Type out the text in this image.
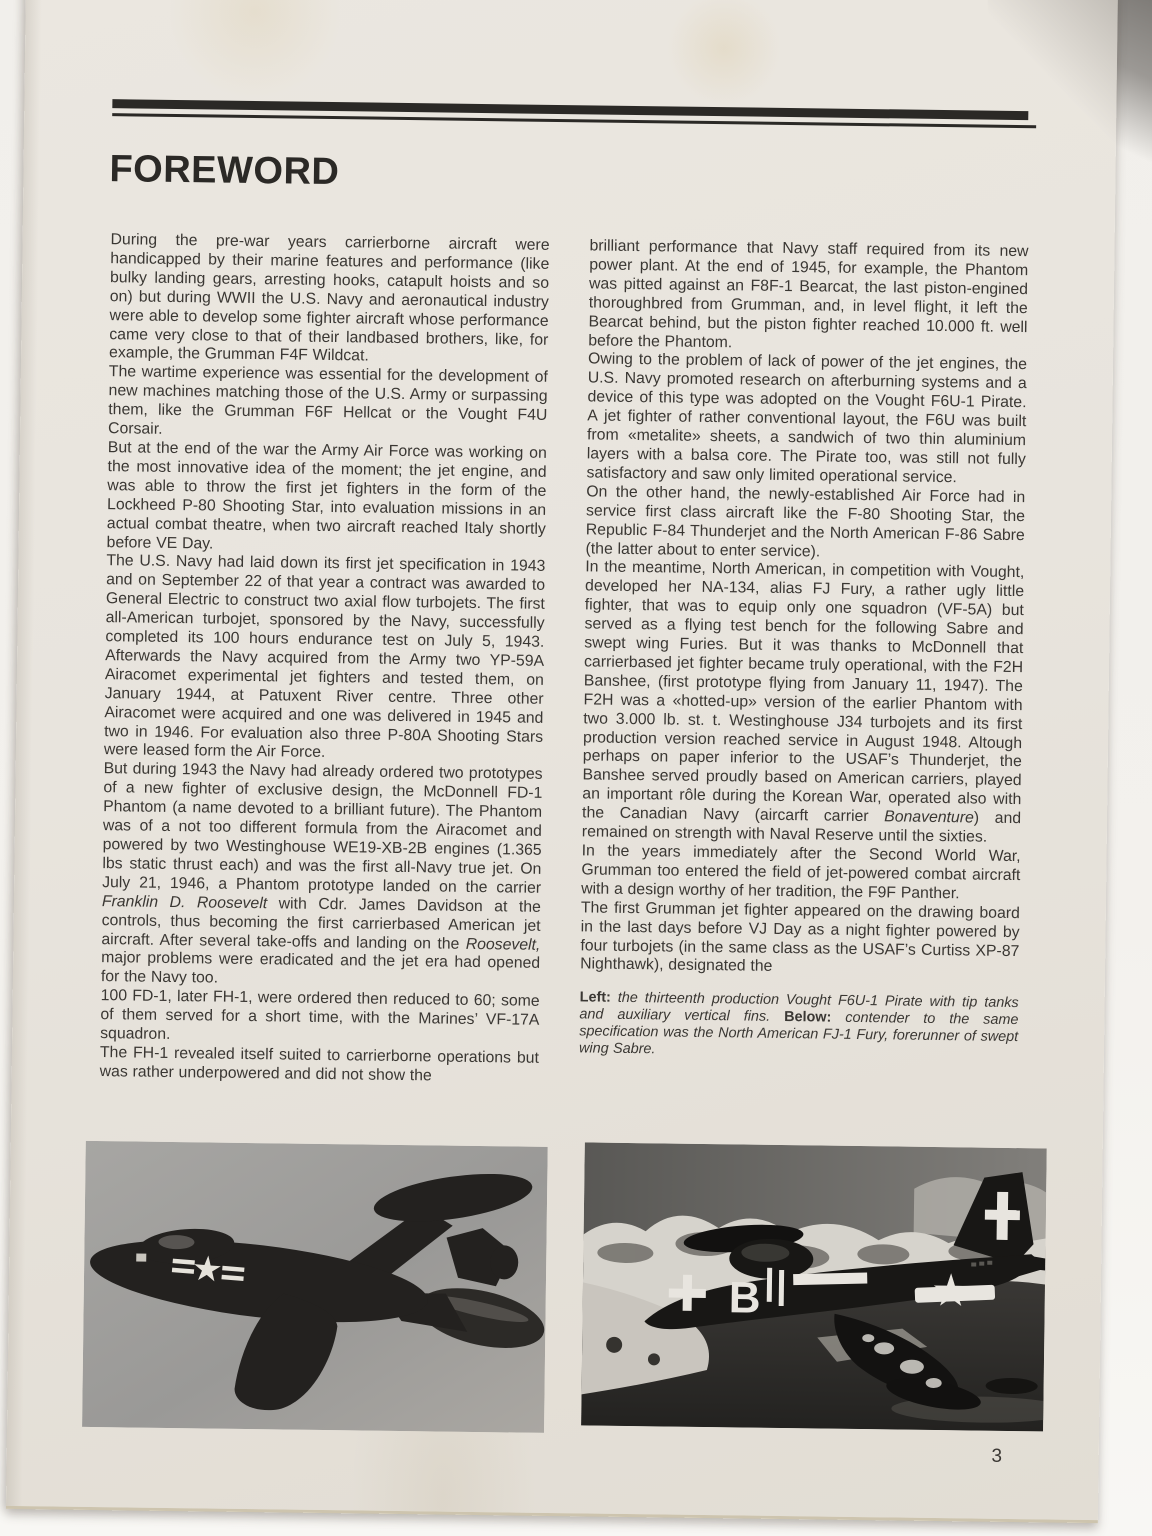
FOREWORD

During the pre-war years carrierborne aircraft were handicapped by their marine features and performance (like bulky landing gears, arresting hooks, catapult hoists and so on) but during WWII the U.S. Navy and aeronautical industry were able to develop some fighter aircraft whose performance came very close to that of their landbased brothers, like, for example, the Grumman F4F Wildcat.

The wartime experience was essential for the development of new machines matching those of the U.S. Army or surpassing them, like the Grumman F6F Hellcat or the Vought F4U Corsair.

But at the end of the war the Army Air Force was working on the most innovative idea of the moment; the jet engine, and was able to throw the first jet fighters in the form of the Lockheed P-80 Shooting Star, into evaluation missions in an actual combat theatre, when two aircraft reached Italy shortly before VE Day.

The U.S. Navy had laid down its first jet specification in 1943 and on September 22 of that year a contract was awarded to General Electric to construct two axial flow turbojets. The first all-American turbojet, sponsored by the Navy, successfully completed its 100 hours endurance test on July 5, 1943. Afterwards the Navy acquired from the Army two YP-59A Airacomet experimental jet fighters and tested them, on January 1944, at Patuxent River centre. Three other Airacomet were acquired and one was delivered in 1945 and two in 1946. For evaluation also three P-80A Shooting Stars were leased form the Air Force.

But during 1943 the Navy had already ordered two prototypes of a new fighter of exclusive design, the McDonnell FD-1 Phantom (a name devoted to a brilliant future). The Phantom was of a not too different formula from the Airacomet and powered by two Westinghouse WE19-XB-2B engines (1.365 lbs static thrust each) and was the first all-Navy true jet. On July 21, 1946, a Phantom prototype landed on the carrier Franklin D. Roosevelt with Cdr. James Davidson at the controls, thus becoming the first carrierbased American jet aircraft. After several take-offs and landing on the Roosevelt, major problems were eradicated and the jet era had opened for the Navy too.

100 FD-1, later FH-1, were ordered then reduced to 60; some of them served for a short time, with the Marines’ VF-17A squadron.

The FH-1 revealed itself suited to carrierborne operations but was rather underpowered and did not show the

brilliant performance that Navy staff required from its new power plant. At the end of 1945, for example, the Phantom was pitted against an F8F-1 Bearcat, the last piston-engined thoroughbred from Grumman, and, in level flight, it left the Bearcat behind, but the piston fighter reached 10.000 ft. well before the Phantom.

Owing to the problem of lack of power of the jet engines, the U.S. Navy promoted research on afterburning systems and a device of this type was adopted on the Vought F6U-1 Pirate. A jet fighter of rather conventional layout, the F6U was built from «metalite» sheets, a sandwich of two thin aluminium layers with a balsa core. The Pirate too, was still not fully satisfactory and saw only limited operational service.

On the other hand, the newly-established Air Force had in service first class aircraft like the F-80 Shooting Star, the Republic F-84 Thunderjet and the North American F-86 Sabre (the latter about to enter service).

In the meantime, North American, in competition with Vought, developed her NA-134, alias FJ Fury, a rather ugly little fighter, that was to equip only one squadron (VF-5A) but served as a flying test bench for the following Sabre and swept wing Furies. But it was thanks to McDonnell that carrierbased jet fighter became truly operational, with the F2H Banshee, (first prototype flying from January 11, 1947). The F2H was a «hotted-up» version of the earlier Phantom with two 3.000 lb. st. t. Westinghouse J34 turbojets and its first production version reached service in August 1948. Altough perhaps on paper inferior to the USAF’s Thunderjet, the Banshee served proudly based on American carriers, played an important rôle during the Korean War, operated also with the Canadian Navy (aircarft carrier Bonaventure) and remained on strength with Naval Reserve until the sixties.

In the years immediately after the Second World War, Grumman too entered the field of jet-powered combat aircraft with a design worthy of her tradition, the F9F Panther.

The first Grumman jet fighter appeared on the drawing board in the last days before VJ Day as a night fighter powered by four turbojets (in the same class as the USAF’s Curtiss XP-87 Nighthawk), designated the

Left: the thirteenth production Vought F6U-1 Pirate with tip tanks and auxiliary vertical fins. Below: contender to the same specification was the North American FJ-1 Fury, forerunner of swept wing Sabre.

B
3
